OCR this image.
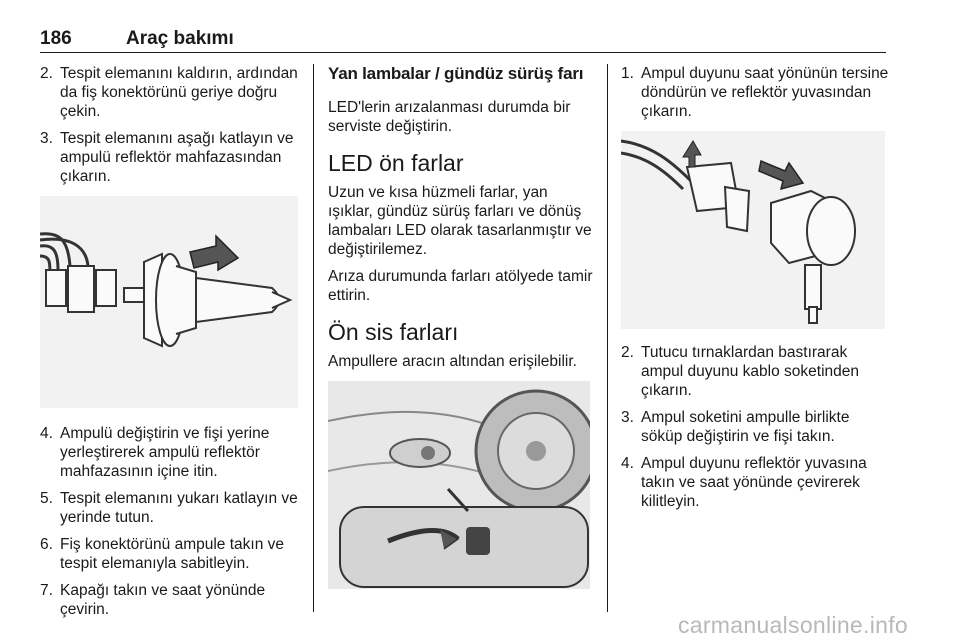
186	Araç bakımı
2. Tespit elemanını kaldırın, ardından da fiş konektörünü geriye doğru çekin.
3. Tespit elemanını aşağı katlayın ve ampulü reflektör mahfazasından çıkarın.
4. Ampulü değiştirin ve fişi yerine yerleştirerek ampulü reflektör mahfazasının içine itin.
5. Tespit elemanını yukarı katlayın ve yerinde tutun.
6. Fiş konektörünü ampule takın ve tespit elemanıyla sabitleyin.
7. Kapağı takın ve saat yönünde çevirin.
Yan lambalar / gündüz sürüş farı

LED'lerin arızalanması durumda bir serviste değiştirin.

LED ön farlar

Uzun ve kısa hüzmeli farlar, yan ışıklar, gündüz sürüş farları ve dönüş lambaları LED olarak tasarlanmıştır ve değiştirilemez.

Arıza durumunda farları atölyede tamir ettirin.

Ön sis farları

Ampullere aracın altından erişilebilir.

1. Ampul duyunu saat yönünün tersine döndürün ve reflektör yuvasından çıkarın.
2. Tutucu tırnaklardan bastırarak ampul duyunu kablo soketinden çıkarın.
3. Ampul soketini ampulle birlikte söküp değiştirin ve fişi takın.
4. Ampul duyunu reflektör yuvasına takın ve saat yönünde çevirerek kilitleyin.
carmanualsonline.info
